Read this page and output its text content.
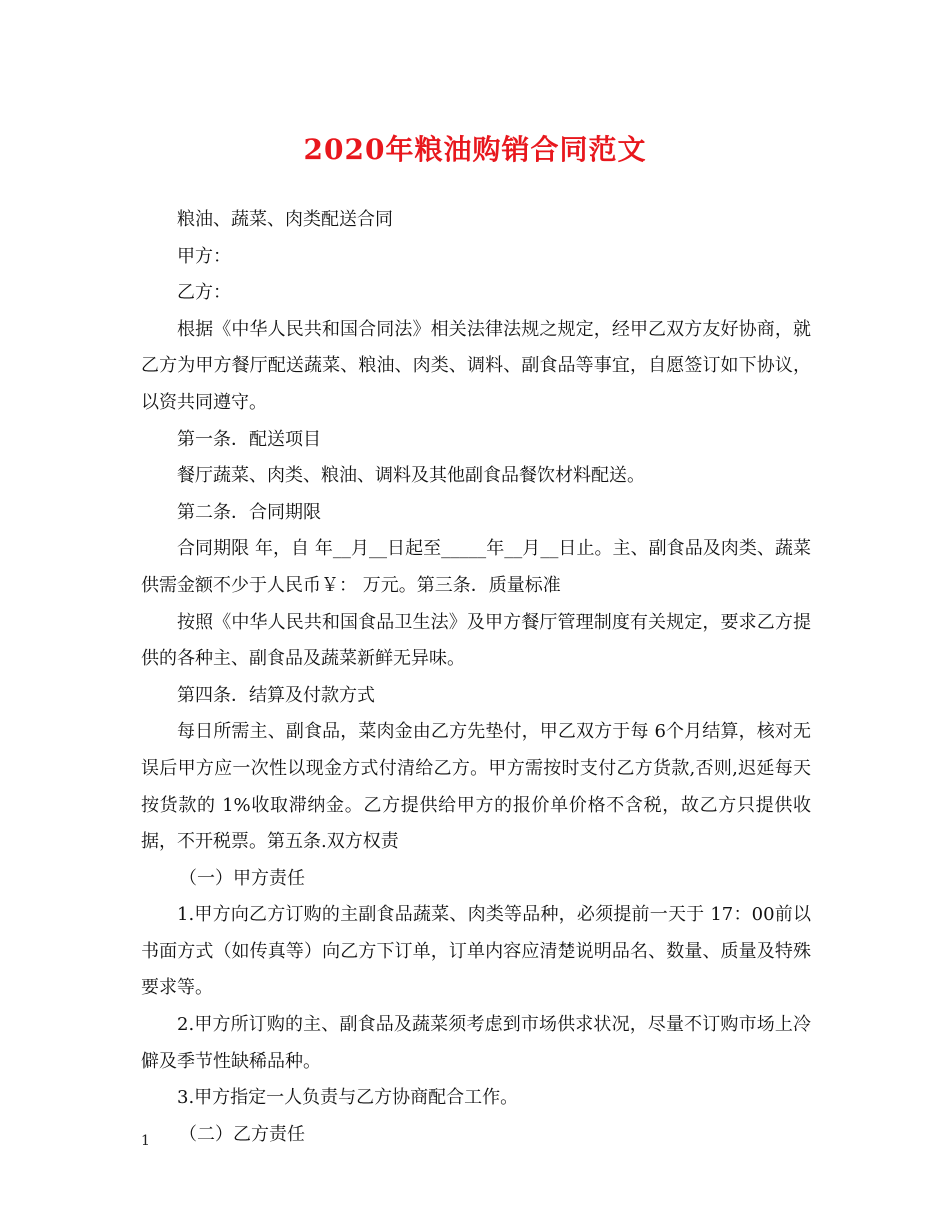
2020年粮油购销合同范文

粮油、蔬菜、肉类配送合同

甲方：

乙方：

根据《中华人民共和国合同法》相关法律法规之规定，经甲乙双方友好协商，就乙方为甲方餐厅配送蔬菜、粮油、肉类、调料、副食品等事宜，自愿签订如下协议，以资共同遵守。

第一条．配送项目

餐厅蔬菜、肉类、粮油、调料及其他副食品餐饮材料配送。

第二条．合同期限

合同期限 年，自 年__月__日起至_____年__月__日止。主、副食品及肉类、蔬菜供需金额不少于人民币￥： 万元。第三条．质量标准

按照《中华人民共和国食品卫生法》及甲方餐厅管理制度有关规定，要求乙方提供的各种主、副食品及蔬菜新鲜无异味。

第四条．结算及付款方式

每日所需主、副食品，菜肉金由乙方先垫付，甲乙双方于每 6个月结算，核对无误后甲方应一次性以现金方式付清给乙方。甲方需按时支付乙方货款,否则,迟延每天按货款的 1%收取滞纳金。乙方提供给甲方的报价单价格不含税，故乙方只提供收据，不开税票。第五条.双方权责

（一）甲方责任

1.甲方向乙方订购的主副食品蔬菜、肉类等品种，必须提前一天于 17：00前以书面方式（如传真等）向乙方下订单，订单内容应清楚说明品名、数量、质量及特殊要求等。

2.甲方所订购的主、副食品及蔬菜须考虑到市场供求状况，尽量不订购市场上冷僻及季节性缺稀品种。

3.甲方指定一人负责与乙方协商配合工作。

（二）乙方责任

1
